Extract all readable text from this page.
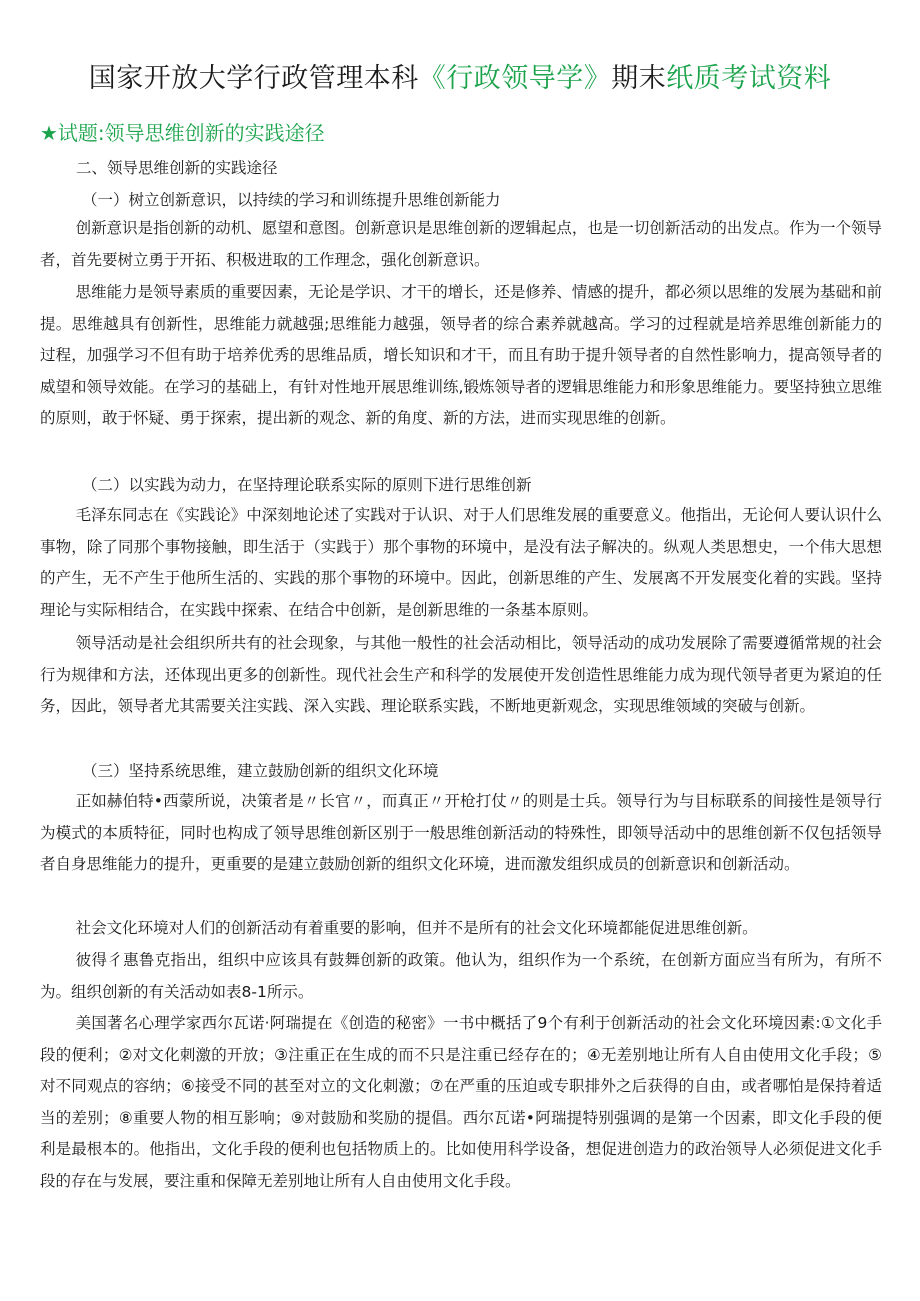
国家开放大学行政管理本科《行政领导学》期末纸质考试资料
★试题:领导思维创新的实践途径
二、领导思维创新的实践途径
（一）树立创新意识，以持续的学习和训练提升思维创新能力
创新意识是指创新的动机、愿望和意图。创新意识是思维创新的逻辑起点，也是一切创新活动的出发点。作为一个领导者，首先要树立勇于开拓、积极进取的工作理念，强化创新意识。
思维能力是领导素质的重要因素，无论是学识、才干的增长，还是修养、情感的提升，都必须以思维的发展为基础和前提。思维越具有创新性，思维能力就越强;思维能力越强，领导者的综合素养就越高。学习的过程就是培养思维创新能力的过程，加强学习不但有助于培养优秀的思维品质，增长知识和才干，而且有助于提升领导者的自然性影响力，提高领导者的威望和领导效能。在学习的基础上，有针对性地开展思维训练,锻炼领导者的逻辑思维能力和形象思维能力。要坚持独立思维的原则，敢于怀疑、勇于探索，提出新的观念、新的角度、新的方法，进而实现思维的创新。
（二）以实践为动力，在坚持理论联系实际的原则下进行思维创新
毛泽东同志在《实践论》中深刻地论述了实践对于认识、对于人们思维发展的重要意义。他指出，无论何人要认识什么事物，除了同那个事物接触，即生活于（实践于）那个事物的环境中，是没有法子解决的。纵观人类思想史，一个伟大思想的产生，无不产生于他所生活的、实践的那个事物的环境中。因此，创新思维的产生、发展离不开发展变化着的实践。坚持理论与实际相结合，在实践中探索、在结合中创新，是创新思维的一条基本原则。
领导活动是社会组织所共有的社会现象，与其他一般性的社会活动相比，领导活动的成功发展除了需要遵循常规的社会行为规律和方法，还体现出更多的创新性。现代社会生产和科学的发展使开发创造性思维能力成为现代领导者更为紧迫的任务，因此，领导者尤其需要关注实践、深入实践、理论联系实践，不断地更新观念，实现思维领域的突破与创新。
（三）坚持系统思维，建立鼓励创新的组织文化环境
正如赫伯特•西蒙所说，决策者是〃长官〃，而真正〃开枪打仗〃的则是士兵。领导行为与目标联系的间接性是领导行为模式的本质特征，同时也构成了领导思维创新区别于一般思维创新活动的特殊性，即领导活动中的思维创新不仅包括领导者自身思维能力的提升，更重要的是建立鼓励创新的组织文化环境，进而激发组织成员的创新意识和创新活动。
社会文化环境对人们的创新活动有着重要的影响，但并不是所有的社会文化环境都能促进思维创新。
彼得彳惠鲁克指出，组织中应该具有鼓舞创新的政策。他认为，组织作为一个系统，在创新方面应当有所为，有所不为。组织创新的有关活动如表8-1所示。
美国著名心理学家西尔瓦诺·阿瑞提在《创造的秘密》一书中概括了9个有利于创新活动的社会文化环境因素:①文化手段的便利；②对文化刺激的开放；③注重正在生成的而不只是注重已经存在的；④无差别地让所有人自由使用文化手段；⑤对不同观点的容纳；⑥接受不同的甚至对立的文化刺激；⑦在严重的压迫或专职排外之后获得的自由，或者哪怕是保持着适当的差别；⑧重要人物的相互影响；⑨对鼓励和奖励的提倡。西尔瓦诺•阿瑞提特别强调的是第一个因素，即文化手段的便利是最根本的。他指出，文化手段的便利也包括物质上的。比如使用科学设备，想促进创造力的政治领导人必须促进文化手段的存在与发展，要注重和保障无差别地让所有人自由使用文化手段。
